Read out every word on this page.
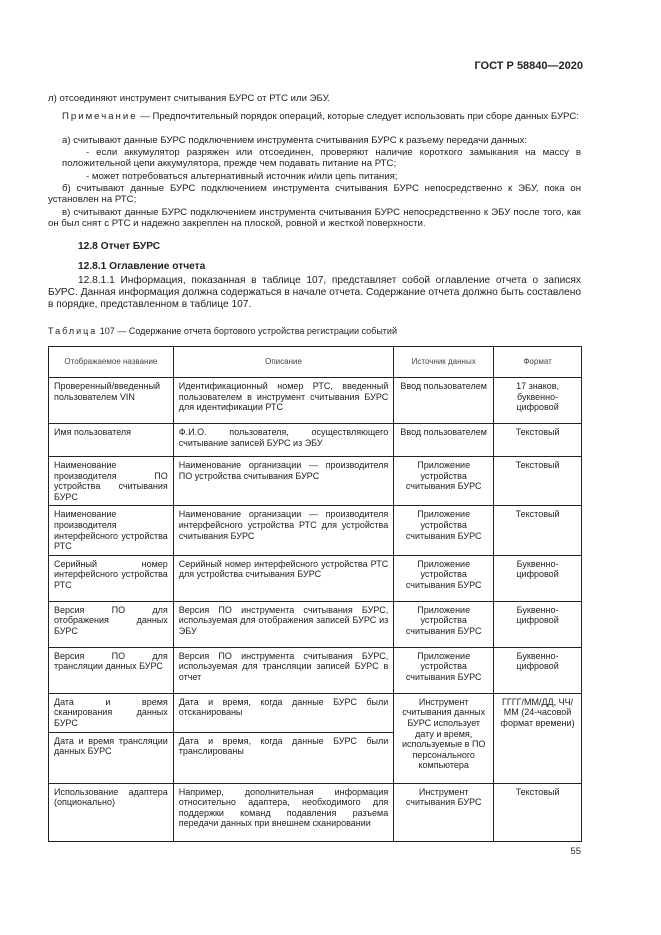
ГОСТ Р 58840—2020

л) отсоединяют инструмент считывания БУРС от РТС или ЭБУ.

Примечание — Предпочтительный порядок операций, которые следует использовать при сборе данных БУРС:

а) считывают данные БУРС подключением инструмента считывания БУРС к разъему передачи данных:

- если аккумулятор разряжен или отсоединен, проверяют наличие короткого замыкания на массу в положительной цепи аккумулятора, прежде чем подавать питание на РТС;

- может потребоваться альтернативный источник и/или цепь питания;

б) считывают данные БУРС подключением инструмента считывания БУРС непосредственно к ЭБУ, пока он установлен на РТС;

в) считывают данные БУРС подключением инструмента считывания БУРС непосредственно к ЭБУ после того, как он был снят с РТС и надежно закреплен на плоской, ровной и жесткой поверхности.

12.8 Отчет БУРС
12.8.1 Оглавление отчета

12.8.1.1 Информация, показанная в таблице 107, представляет собой оглавление отчета о записях БУРС. Данная информация должна содержаться в начале отчета. Содержание отчета должно быть составлено в порядке, представленном в таблице 107.

Таблица 107 — Содержание отчета бортового устройства регистрации событий

Отображаемое название	Описание	Источник данных	Формат
Проверенный/введенный пользователем VIN	Идентификационный номер РТС, введенный пользователем в инструмент считывания БУРС для идентификации РТС	Ввод пользователем	17 знаков, буквенно-цифровой
Имя пользователя	Ф.И.О. пользователя, осуществляющего считывание записей БУРС из ЭБУ	Ввод пользователем	Текстовый
Наименование производителя ПО устройства считывания БУРС	Наименование организации — производителя ПО устройства считывания БУРС	Приложение устройства считывания БУРС	Текстовый
Наименование производителя интерфейсного устройства РТС	Наименование организации — производителя интерфейсного устройства РТС для устройства считывания БУРС	Приложение устройства считывания БУРС	Текстовый
Серийный номер интерфейсного устройства РТС	Серийный номер интерфейсного устройства РТС для устройства считывания БУРС	Приложение устройства считывания БУРС	Буквенно-цифровой
Версия ПО для отображения данных БУРС	Версия ПО инструмента считывания БУРС, используемая для отображения записей БУРС из ЭБУ	Приложение устройства считывания БУРС	Буквенно-цифровой
Версия ПО для трансляции данных БУРС	Версия ПО инструмента считывания БУРС, используемая для трансляции записей БУРС в отчет	Приложение устройства считывания БУРС	Буквенно-цифровой
Дата и время сканирования данных БУРС	Дата и время, когда данные БУРС были отсканированы	Инструмент считывания данных БУРС использует дату и время, используемые в ПО персонального компьютера	ГГГГ/ММ/ДД, ЧЧ/ММ (24-часовой формат времени)
Дата и время трансляции данных БУРС	Дата и время, когда данные БУРС были транслированы		
Использование адаптера (опционально)	Например, дополнительная информация относительно адаптера, необходимого для поддержки команд подавления разъема передачи данных при внешнем сканировании	Инструмент считывания БУРС	Текстовый
55
